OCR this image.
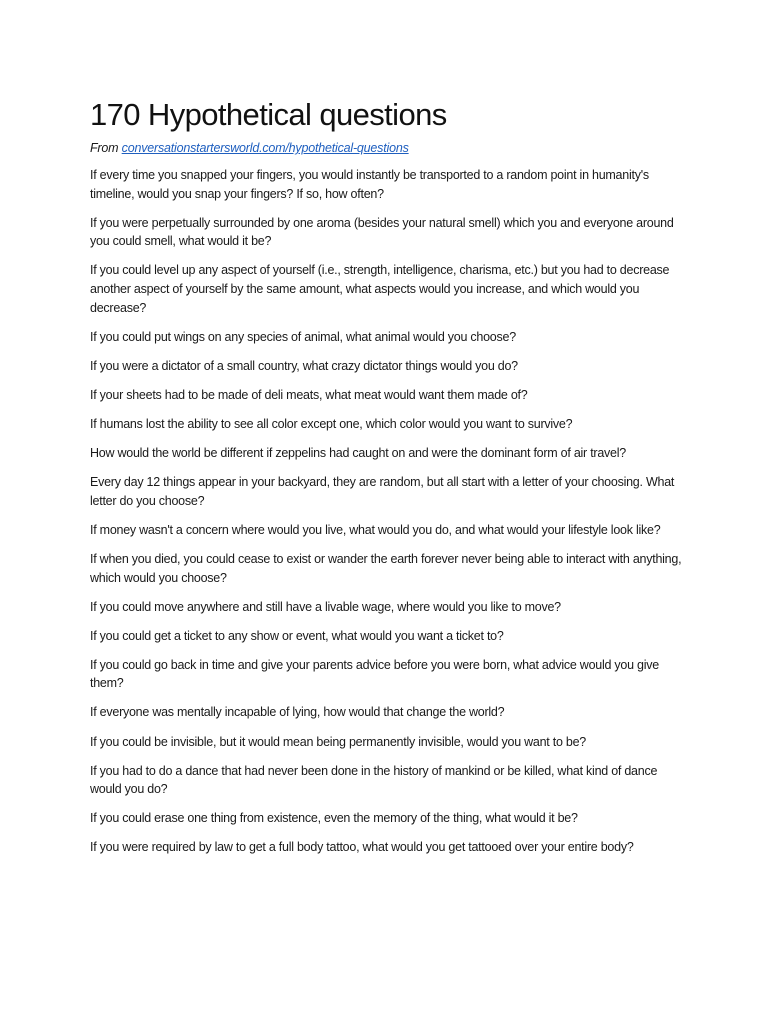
170 Hypothetical questions

From conversationstartersworld.com/hypothetical-questions

If every time you snapped your fingers, you would instantly be transported to a random point in humanity's timeline, would you snap your fingers? If so, how often?
If you were perpetually surrounded by one aroma (besides your natural smell) which you and everyone around you could smell, what would it be?
If you could level up any aspect of yourself (i.e., strength, intelligence, charisma, etc.) but you had to decrease another aspect of yourself by the same amount, what aspects would you increase, and which would you decrease?
If you could put wings on any species of animal, what animal would you choose?
If you were a dictator of a small country, what crazy dictator things would you do?
If your sheets had to be made of deli meats, what meat would want them made of?
If humans lost the ability to see all color except one, which color would you want to survive?
How would the world be different if zeppelins had caught on and were the dominant form of air travel?
Every day 12 things appear in your backyard, they are random, but all start with a letter of your choosing. What letter do you choose?
If money wasn't a concern where would you live, what would you do, and what would your lifestyle look like?
If when you died, you could cease to exist or wander the earth forever never being able to interact with anything, which would you choose?
If you could move anywhere and still have a livable wage, where would you like to move?
If you could get a ticket to any show or event, what would you want a ticket to?
If you could go back in time and give your parents advice before you were born, what advice would you give them?
If everyone was mentally incapable of lying, how would that change the world?
If you could be invisible, but it would mean being permanently invisible, would you want to be?
If you had to do a dance that had never been done in the history of mankind or be killed, what kind of dance would you do?
If you could erase one thing from existence, even the memory of the thing, what would it be?
If you were required by law to get a full body tattoo, what would you get tattooed over your entire body?
